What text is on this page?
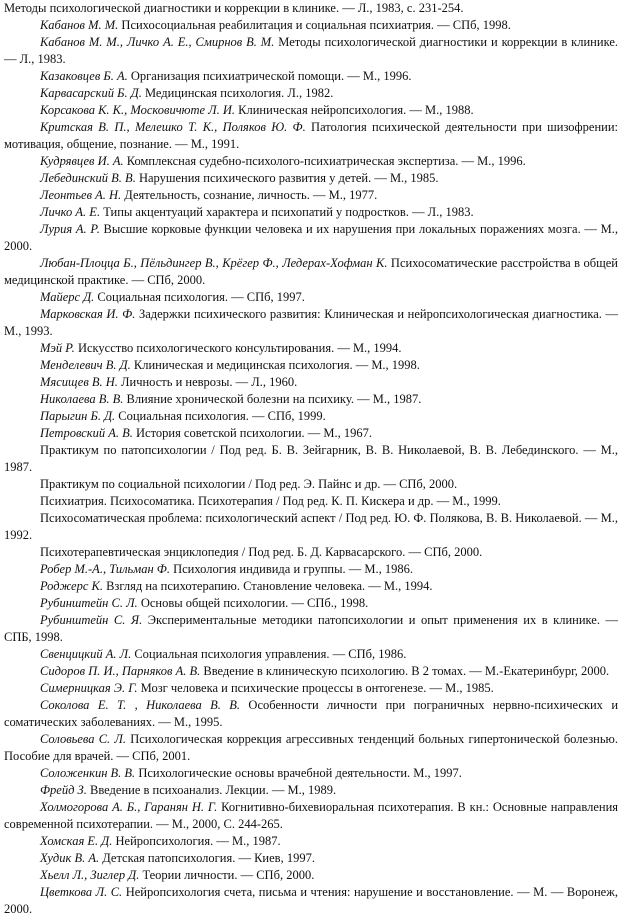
Методы психологической диагностики и коррекции в клинике. — Л., 1983, с. 231-254.

Кабанов М. М. Психосоциальная реабилитация и социальная психиатрия. — СПб, 1998.

Кабанов М. М., Личко А. Е., Смирнов В. М. Методы психологической диагностики и коррекции в клинике. — Л., 1983.

Казаковцев Б. А. Организация психиатрической помощи. — М., 1996.

Карвасарский Б. Д. Медицинская психология. Л., 1982.

Корсакова К. К., Московичюте Л. И. Клиническая нейропсихология. — М., 1988.

Критская В. П., Мелешко Т. К., Поляков Ю. Ф. Патология психической деятельности при шизофрении: мотивация, общение, познание. — М., 1991.

Кудрявцев И. А. Комплексная судебно-психолого-психиатрическая экспертиза. — М., 1996.

Лебединский В. В. Нарушения психического развития у детей. — М., 1985.

Леонтьев А. Н. Деятельность, сознание, личность. — М., 1977.

Личко А. Е. Типы акцентуаций характера и психопатий у подростков. — Л., 1983.

Лурия А. Р. Высшие корковые функции человека и их нарушения при локальных поражениях мозга. — М., 2000.

Любан-Плоцца Б., Пёльдингер В., Крёгер Ф., Ледерах-Хофман К. Психосоматические расстройства в общей медицинской практике. — СПб, 2000.

Майерс Д. Социальная психология. — СПб, 1997.

Марковская И. Ф. Задержки психического развития: Клиническая и нейропсихологическая диагностика. — М., 1993.

Мэй Р. Искусство психологического консультирования. — М., 1994.

Менделевич В. Д. Клиническая и медицинская психология. — М., 1998.

Мясищев В. Н. Личность и неврозы. — Л., 1960.

Николаева В. В. Влияние хронической болезни на психику. — М., 1987.

Парыгин Б. Д. Социальная психология. — СПб, 1999.

Петровский А. В. История советской психологии. — М., 1967.

Практикум по патопсихологии / Под ред. Б. В. Зейгарник, В. В. Николаевой, В. В. Лебединского. — М., 1987.

Практикум по социальной психологии / Под ред. Э. Пайнс и др. — СПб, 2000.

Психиатрия. Психосоматика. Психотерапия / Под ред. К. П. Кискера и др. — М., 1999.

Психосоматическая проблема: психологический аспект / Под ред. Ю. Ф. Полякова, В. В. Николаевой. — М., 1992.

Психотерапевтическая энциклопедия / Под ред. Б. Д. Карвасарского. — СПб, 2000.

Робер М.-А., Тильман Ф. Психология индивида и группы. — М., 1986.

Роджерс К. Взгляд на психотерапию. Становление человека. — М., 1994.

Рубинштейн С. Л. Основы общей психологии. — СПб., 1998.

Рубинштейн С. Я. Экспериментальные методики патопсихологии и опыт применения их в клинике. — СПБ, 1998.

Свенцицкий А. Л. Социальная психология управления. — СПб, 1986.

Сидоров П. И., Парняков А. В. Введение в клиническую психологию. В 2 томах. — М.-Екатеринбург, 2000.

Симерницкая Э. Г. Мозг человека и психические процессы в онтогенезе. — М., 1985.

Соколова Е. Т. , Николаева В. В. Особенности личности при пограничных нервно-психических и соматических заболеваниях. — М., 1995.

Соловьева С. Л. Психологическая коррекция агрессивных тенденций больных гипертонической болезнью. Пособие для врачей. — СПб, 2001.

Соложенкин В. В. Психологические основы врачебной деятельности. М., 1997.

Фрейд З. Введение в психоанализ. Лекции. — М., 1989.

Холмогорова А. Б., Гаранян Н. Г. Когнитивно-бихевиоральная психотерапия. В кн.: Основные направления современной психотерапии. — М., 2000, С. 244-265.

Хомская Е. Д. Нейропсихология. — М., 1987.

Худик В. А. Детская патопсихология. — Киев, 1997.

Хьелл Л., Зиглер Д. Теории личности. — СПб, 2000.

Цветкова Л. С. Нейропсихология счета, письма и чтения: нарушение и восстановление. — М. — Воронеж, 2000.
